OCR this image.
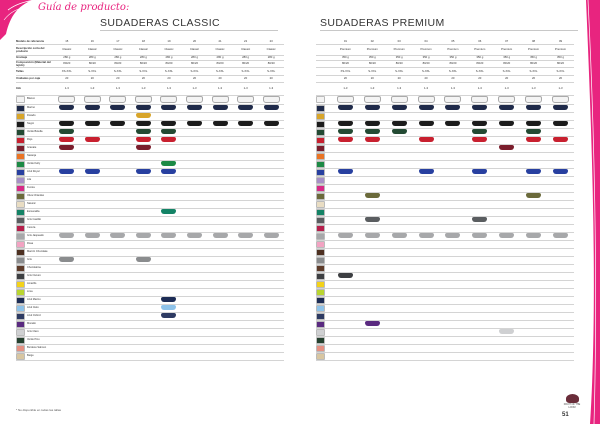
Guía de producto:
SUDADERAS CLASSIC
Modelo de referencia	15	16	17	18	19	20	21	22	23
Descripción corta del producto	Classic	Classic	Classic	Classic	Classic	Classic	Classic	Classic	Classic
Gramaje	280 g	280 g	280 g	280 g	280 g	280 g	280 g	280 g	280 g
Composición (Material del tejido)	80/20	80/20	80/20	80/20	80/20	80/20	80/20	80/20	80/20
Tallas	XS-XXL	S-XXL	S-XXL	S-XXL	S-XXL	S-XXL	S-XXL	S-XXL	S-XXL
Unidades por caja	20	20	20	20	20	20	20	20	20
Info	1-3	1-3	1-3	1-3	1-3	1-3	1-3	1-3	1-3
Blanco									
Marino									
Dorado									
Negro									
Verde Botella									
Rojo									
Granate									
Naranja									
Verde Kelly									
Azul Royal									
Lila									
Fucsia									
Oliva Chándax									
Natural									
Esmeralda									
Gris Castillo									
Cereza									
Gris Jaspeado									
Rosa									
Marrón Chocolate									
Gris									
Chocolatina									
Gris Oscuro									
Amarillo									
Lima									
Azul Marino									
Azul Cielo									
Azul Oxford									
Morado									
Gris Claro									
Verde Pino									
Burdeos Salmon									
Beige									
SUDADERAS PREMIUM
	01	02	03	04	05	06	07	08	09
	Premium	Premium	Premium	Premium	Premium	Premium	Premium	Premium	Premium
	350 g	350 g	350 g	350 g	350 g	350 g	350 g	350 g	350 g
	80/20	80/20	80/20	80/20	80/20	80/20	80/20	80/20	80/20
	XS-XXL	S-XXL	S-XXL	S-XXL	S-XXL	S-XXL	S-XXL	S-XXL	S-XXL
	20	20	20	20	20	20	20	20	20
	1-3	1-3	1-3	1-3	1-3	1-3	1-3	1-3	1-3

* No disponible en todas las tallas
FRUIT OF THE LOOM
51
